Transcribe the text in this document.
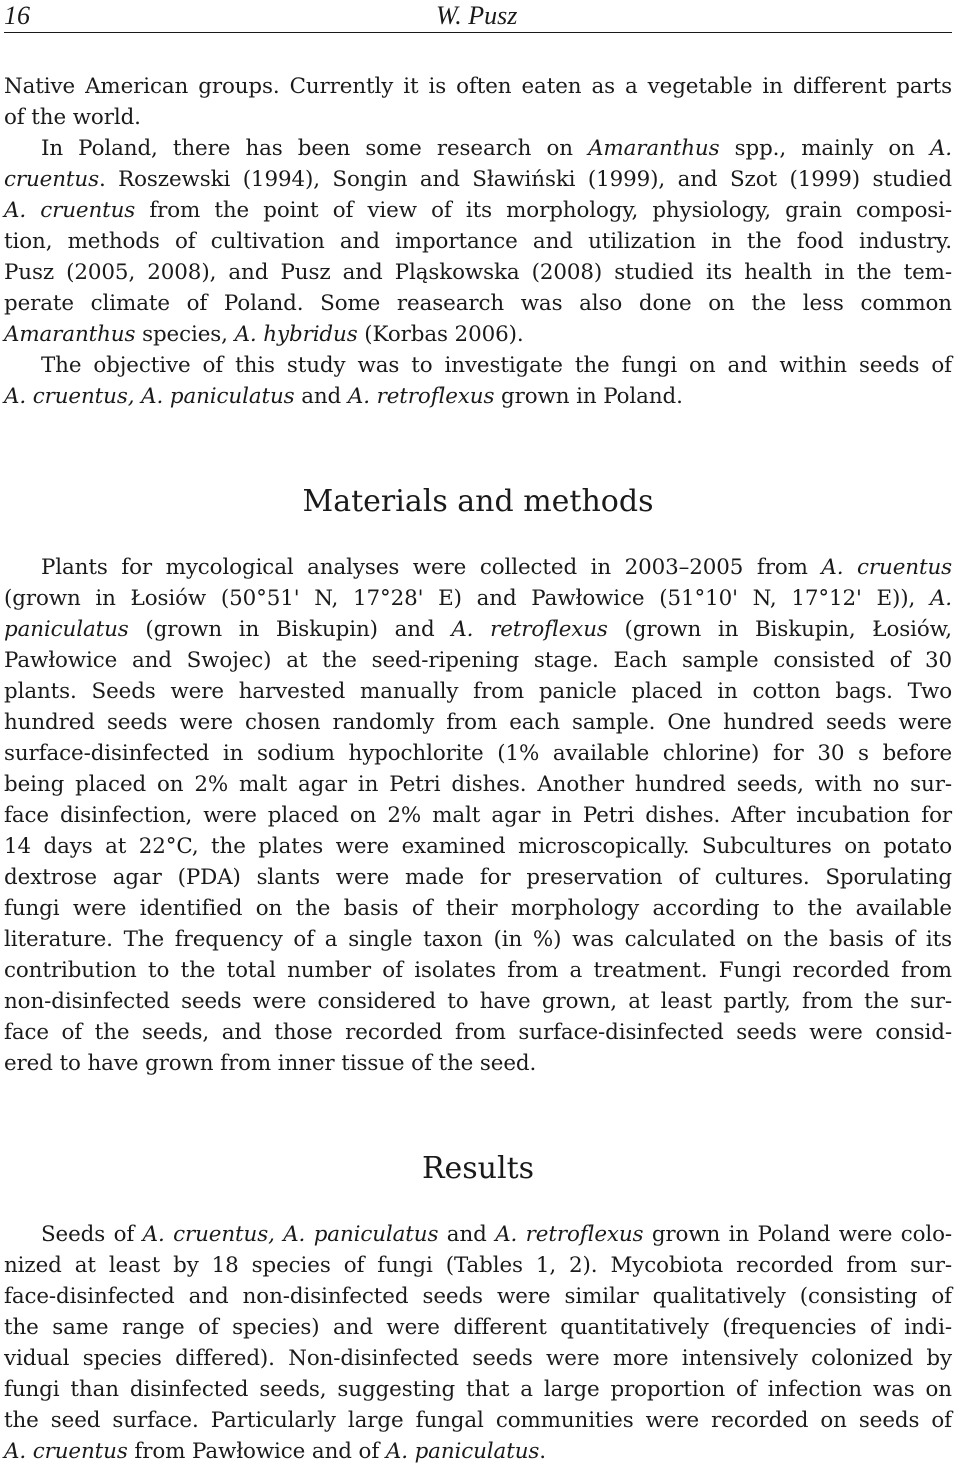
16	W. Pusz
Native American groups. Currently it is often eaten as a vegetable in different parts
of the world.
In Poland, there has been some research on Amaranthus spp., mainly on A.
cruentus. Roszewski (1994), Songin and Sławiński (1999), and Szot (1999) studied
A. cruentus from the point of view of its morphology, physiology, grain composi-
tion, methods of cultivation and importance and utilization in the food industry.
Pusz (2005, 2008), and Pusz and Pląskowska (2008) studied its health in the tem-
perate climate of Poland. Some reasearch was also done on the less common
Amaranthus species, A. hybridus (Korbas 2006).
The objective of this study was to investigate the fungi on and within seeds of
A. cruentus, A. paniculatus and A. retroflexus grown in Poland.
Materials and methods
Plants for mycological analyses were collected in 2003–2005 from A. cruentus
(grown in Łosiów (50°51' N, 17°28' E) and Pawłowice (51°10' N, 17°12' E)), A.
paniculatus (grown in Biskupin) and A. retroflexus (grown in Biskupin, Łosiów,
Pawłowice and Swojec) at the seed-ripening stage. Each sample consisted of 30
plants. Seeds were harvested manually from panicle placed in cotton bags. Two
hundred seeds were chosen randomly from each sample. One hundred seeds were
surface-disinfected in sodium hypochlorite (1% available chlorine) for 30 s before
being placed on 2% malt agar in Petri dishes. Another hundred seeds, with no sur-
face disinfection, were placed on 2% malt agar in Petri dishes. After incubation for
14 days at 22°C, the plates were examined microscopically. Subcultures on potato
dextrose agar (PDA) slants were made for preservation of cultures. Sporulating
fungi were identified on the basis of their morphology according to the available
literature. The frequency of a single taxon (in %) was calculated on the basis of its
contribution to the total number of isolates from a treatment. Fungi recorded from
non-disinfected seeds were considered to have grown, at least partly, from the sur-
face of the seeds, and those recorded from surface-disinfected seeds were consid-
ered to have grown from inner tissue of the seed.
Results
Seeds of A. cruentus, A. paniculatus and A. retroflexus grown in Poland were colo-
nized at least by 18 species of fungi (Tables 1, 2). Mycobiota recorded from sur-
face-disinfected and non-disinfected seeds were similar qualitatively (consisting of
the same range of species) and were different quantitatively (frequencies of indi-
vidual species differed). Non-disinfected seeds were more intensively colonized by
fungi than disinfected seeds, suggesting that a large proportion of infection was on
the seed surface. Particularly large fungal communities were recorded on seeds of
A. cruentus from Pawłowice and of A. paniculatus.
